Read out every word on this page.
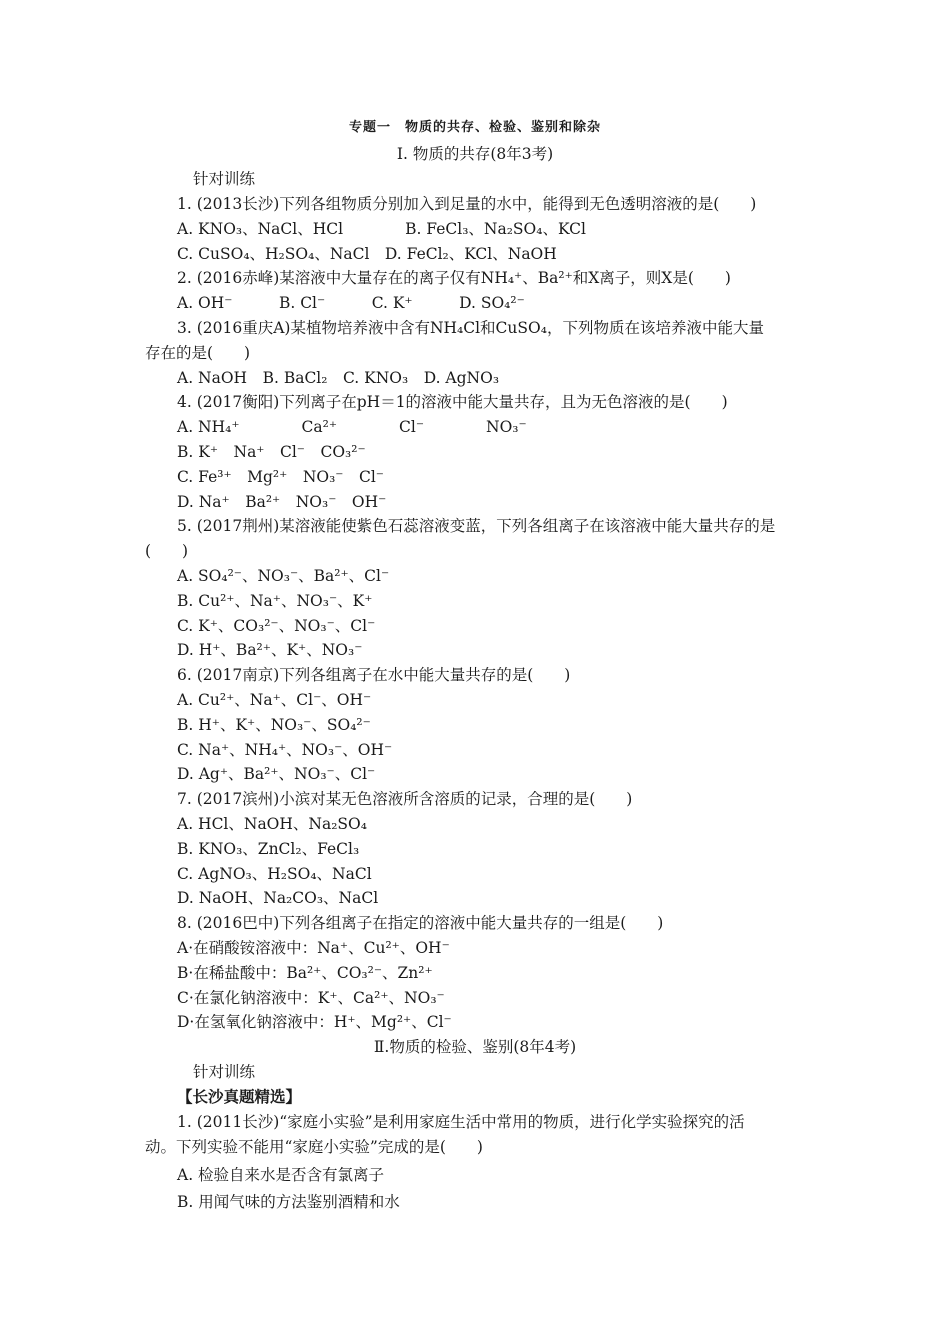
专题一　物质的共存、检验、鉴别和除杂
Ⅰ. 物质的共存(8年3考)
针对训练
1. (2013长沙)下列各组物质分别加入到足量的水中，能得到无色透明溶液的是(　　)
A. KNO₃、NaCl、HCl　　　　B. FeCl₃、Na₂SO₄、KCl
C. CuSO₄、H₂SO₄、NaCl　D. FeCl₂、KCl、NaOH
2. (2016赤峰)某溶液中大量存在的离子仅有NH₄⁺、Ba²⁺和X离子，则X是(　　)
A. OH⁻　　　B. Cl⁻　　　C. K⁺　　　D. SO₄²⁻
3. (2016重庆A)某植物培养液中含有NH₄Cl和CuSO₄，下列物质在该培养液中能大量
存在的是(　　)
A. NaOH　B. BaCl₂　C. KNO₃　D. AgNO₃
4. (2017衡阳)下列离子在pH＝1的溶液中能大量共存，且为无色溶液的是(　　)
A. NH₄⁺　　　　Ca²⁺　　　　Cl⁻　　　　NO₃⁻
B. K⁺　Na⁺　Cl⁻　CO₃²⁻
C. Fe³⁺　Mg²⁺　NO₃⁻　Cl⁻
D. Na⁺　Ba²⁺　NO₃⁻　OH⁻
5. (2017荆州)某溶液能使紫色石蕊溶液变蓝，下列各组离子在该溶液中能大量共存的是
(　　)
A. SO₄²⁻、NO₃⁻、Ba²⁺、Cl⁻
B. Cu²⁺、Na⁺、NO₃⁻、K⁺
C. K⁺、CO₃²⁻、NO₃⁻、Cl⁻
D. H⁺、Ba²⁺、K⁺、NO₃⁻
6. (2017南京)下列各组离子在水中能大量共存的是(　　)
A. Cu²⁺、Na⁺、Cl⁻、OH⁻
B. H⁺、K⁺、NO₃⁻、SO₄²⁻
C. Na⁺、NH₄⁺、NO₃⁻、OH⁻
D. Ag⁺、Ba²⁺、NO₃⁻、Cl⁻
7. (2017滨州)小滨对某无色溶液所含溶质的记录，合理的是(　　)
A. HCl、NaOH、Na₂SO₄
B. KNO₃、ZnCl₂、FeCl₃
C. AgNO₃、H₂SO₄、NaCl
D. NaOH、Na₂CO₃、NaCl
8. (2016巴中)下列各组离子在指定的溶液中能大量共存的一组是(　　)
A·在硝酸铵溶液中：Na⁺、Cu²⁺、OH⁻
B·在稀盐酸中：Ba²⁺、CO₃²⁻、Zn²⁺
C·在氯化钠溶液中：K⁺、Ca²⁺、NO₃⁻
D·在氢氧化钠溶液中：H⁺、Mg²⁺、Cl⁻
Ⅱ.物质的检验、鉴别(8年4考)
针对训练
【长沙真题精选】
1. (2011长沙)“家庭小实验”是利用家庭生活中常用的物质，进行化学实验探究的活
动。下列实验不能用“家庭小实验”完成的是(　　)
A. 检验自来水是否含有氯离子
B. 用闻气味的方法鉴别酒精和水
